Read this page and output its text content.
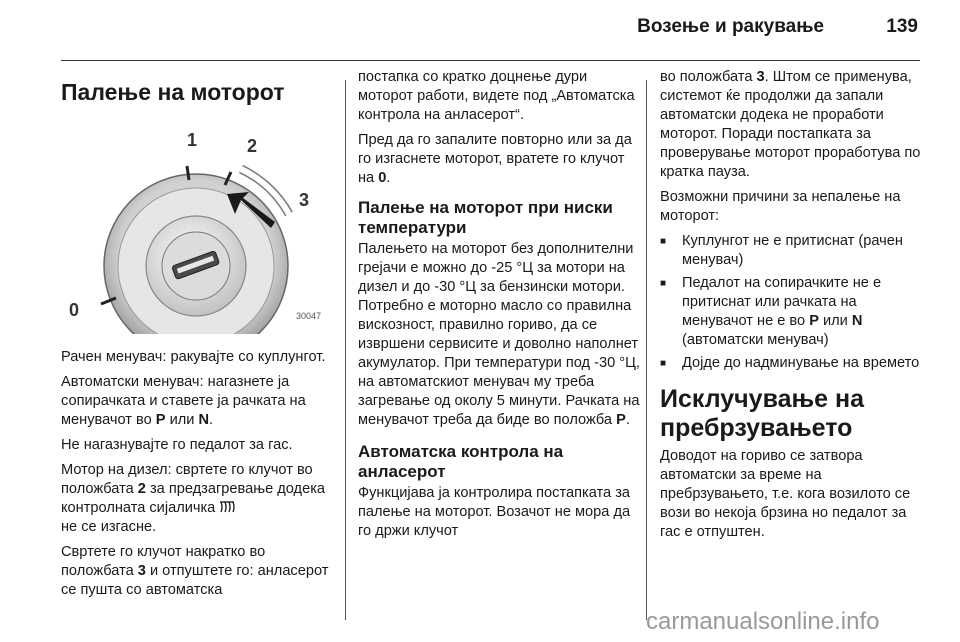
Возење и ракување	139
Палење на моторот
0
1	2
3
30047

Рачен менувач: ракувајте со куплунгот.

Автоматски менувач: нагазнете ја сопирачката и ставете ја рачката на менувачот во P или N.

Не нагазнувајте го педалот за гас.

Мотор на дизел: свртете го клучот во положбата 2 за предзагревање додека контролната сијаличка
не се изгасне.

Свртете го клучот накратко во положбата 3 и отпуштете го: анласерот се пушта со автоматска

постапка со кратко доцнење дури моторот работи, видете под „Автоматска контрола на анласерот“.

Пред да го запалите повторно или за да го изгаснете моторот, вратете го клучот на 0.

Палење на моторот при ниски температури

Палењето на моторот без дополнителни грејачи е можно до -25 °Ц за мотори на дизел и до -30 °Ц за бензински мотори. Потребно е моторно масло со правилна вискозност, правилно гориво, да се извршени сервисите и доволно наполнет акумулатор. При температури под -30 °Ц, на автоматскиот менувач му треба загревање од околу 5 минути. Рачката на менувачот треба да биде во положба P.

Автоматска контрола на анласерот

Функцијава ја контролира постапката за палење на моторот. Возачот не мора да го држи клучот

во положбата 3. Штом се применува, системот ќе продолжи да запали автоматски додека не проработи моторот. Поради постапката за проверување моторот проработува по кратка пауза.

Возможни причини за непалење на моторот:

■	Куплунгот не е притиснат (рачен менувач)
■	Педалот на сопирачките не е притиснат или рачката на менувачот не е во P или N (автоматски менувач)
■	Дојде до надминување на времето
Исклучување на пребрзувањето

Доводот на гориво се затвора автоматски за време на пребрзувањето, т.е. кога возилото се вози во некоја брзина но педалот за гас е отпуштен.

carmanualsonline.info
